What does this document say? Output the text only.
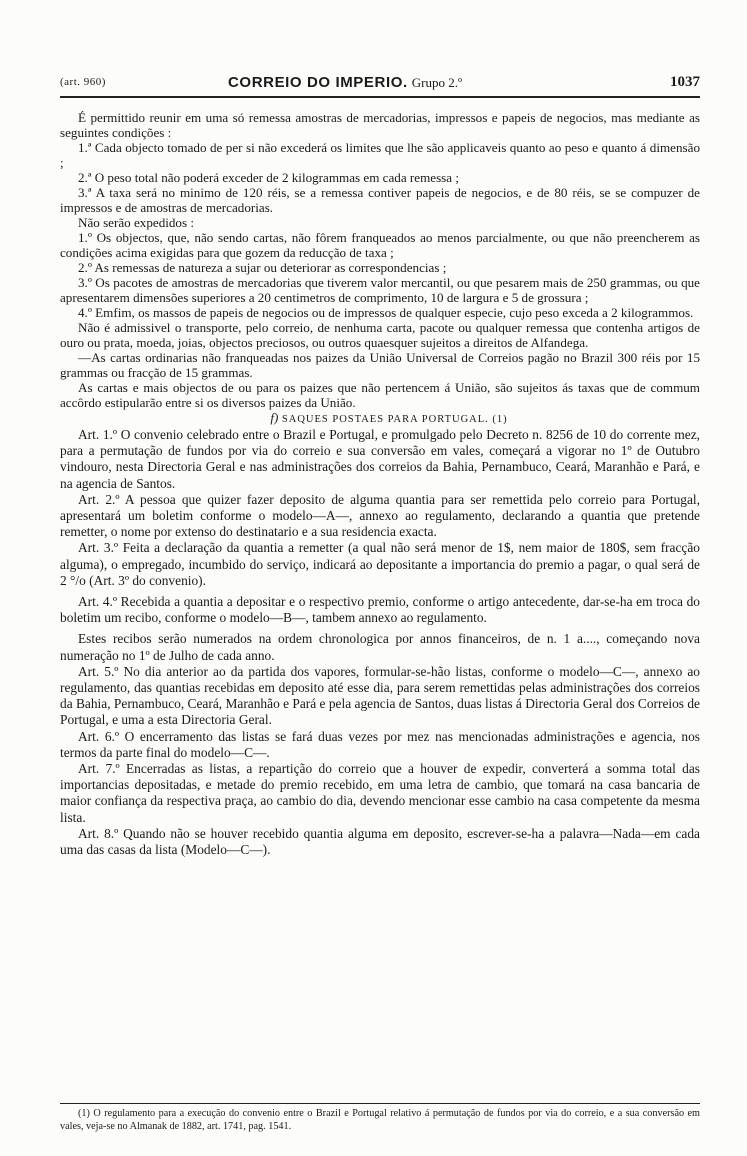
(art. 960)	CORREIO DO IMPERIO. Grupo 2.º	1037

É permittido reunir em uma só remessa amostras de mercadorias, impressos e papeis de negocios, mas mediante as seguintes condições :

1.ª Cada objecto tomado de per si não excederá os limites que lhe são applicaveis quanto ao peso e quanto á dimensão ;

2.ª O peso total não poderá exceder de 2 kilogrammas em cada remessa ;

3.ª A taxa será no minimo de 120 réis, se a remessa contiver papeis de negocios, e de 80 réis, se se compuzer de impressos e de amostras de mercadorias.

Não serão expedidos :

1.º Os objectos, que, não sendo cartas, não fôrem franqueados ao menos parcialmente, ou que não preencherem as condições acima exigidas para que gozem da reducção de taxa ;

2.º As remessas de natureza a sujar ou deteriorar as correspondencias ;

3.º Os pacotes de amostras de mercadorias que tiverem valor mercantil, ou que pesarem mais de 250 grammas, ou que apresentarem dimensões superiores a 20 centimetros de comprimento, 10 de largura e 5 de grossura ;

4.º Emfim, os massos de papeis de negocios ou de impressos de qualquer especie, cujo peso exceda a 2 kilogrammos.

Não é admissivel o transporte, pelo correio, de nenhuma carta, pacote ou qualquer remessa que contenha artigos de ouro ou prata, moeda, joias, objectos preciosos, ou outros quaesquer sujeitos a direitos de Alfandega.

—As cartas ordinarias não franqueadas nos paizes da União Universal de Correios pagão no Brazil 300 réis por 15 grammas ou fracção de 15 grammas.

As cartas e mais objectos de ou para os paizes que não pertencem á União, são sujeitos ás taxas que de commum accôrdo estipularão entre si os diversos paizes da União.

f) SAQUES POSTAES PARA PORTUGAL. (1)

Art. 1.º O convenio celebrado entre o Brazil e Portugal, e promulgado pelo Decreto n. 8256 de 10 do corrente mez, para a permutação de fundos por via do correio e sua conversão em vales, começará a vigorar no 1º de Outubro vindouro, nesta Directoria Geral e nas administrações dos correios da Bahia, Pernambuco, Ceará, Maranhão e Pará, e na agencia de Santos.

Art. 2.º A pessoa que quizer fazer deposito de alguma quantia para ser remettida pelo correio para Portugal, apresentará um boletim conforme o modelo—A—, annexo ao regulamento, declarando a quantia que pretende remetter, o nome por extenso do destinatario e a sua residencia exacta.

Art. 3.º Feita a declaração da quantia a remetter (a qual não será menor de 1$, nem maior de 180$, sem fracção alguma), o empregado, incumbido do serviço, indicará ao depositante a importancia do premio a pagar, o qual será de 2 °/o (Art. 3º do convenio).

Art. 4.º Recebida a quantia a depositar e o respectivo premio, conforme o artigo antecedente, dar-se-ha em troca do boletim um recibo, conforme o modelo—B—, tambem annexo ao regulamento.

Estes recibos serão numerados na ordem chronologica por annos financeiros, de n. 1 a...., começando nova numeração no 1º de Julho de cada anno.

Art. 5.º No dia anterior ao da partida dos vapores, formular-se-hão listas, conforme o modelo—C—, annexo ao regulamento, das quantias recebidas em deposito até esse dia, para serem remettidas pelas administrações dos correios da Bahia, Pernambuco, Ceará, Maranhão e Pará e pela agencia de Santos, duas listas á Directoria Geral dos Correios de Portugal, e uma a esta Directoria Geral.

Art. 6.º O encerramento das listas se fará duas vezes por mez nas mencionadas administrações e agencia, nos termos da parte final do modelo—C—.

Art. 7.º Encerradas as listas, a repartição do correio que a houver de expedir, converterá a somma total das importancias depositadas, e metade do premio recebido, em uma letra de cambio, que tomará na casa bancaria de maior confiança da respectiva praça, ao cambio do dia, devendo mencionar esse cambio na casa competente da mesma lista.

Art. 8.º Quando não se houver recebido quantia alguma em deposito, escrever-se-ha a palavra—Nada—em cada uma das casas da lista (Modelo—C—).

(1) O regulamento para a execução do convenio entre o Brazil e Portugal relativo á permutação de fundos por via do correio, e a sua conversão em vales, veja-se no Almanak de 1882, art. 1741, pag. 1541.
